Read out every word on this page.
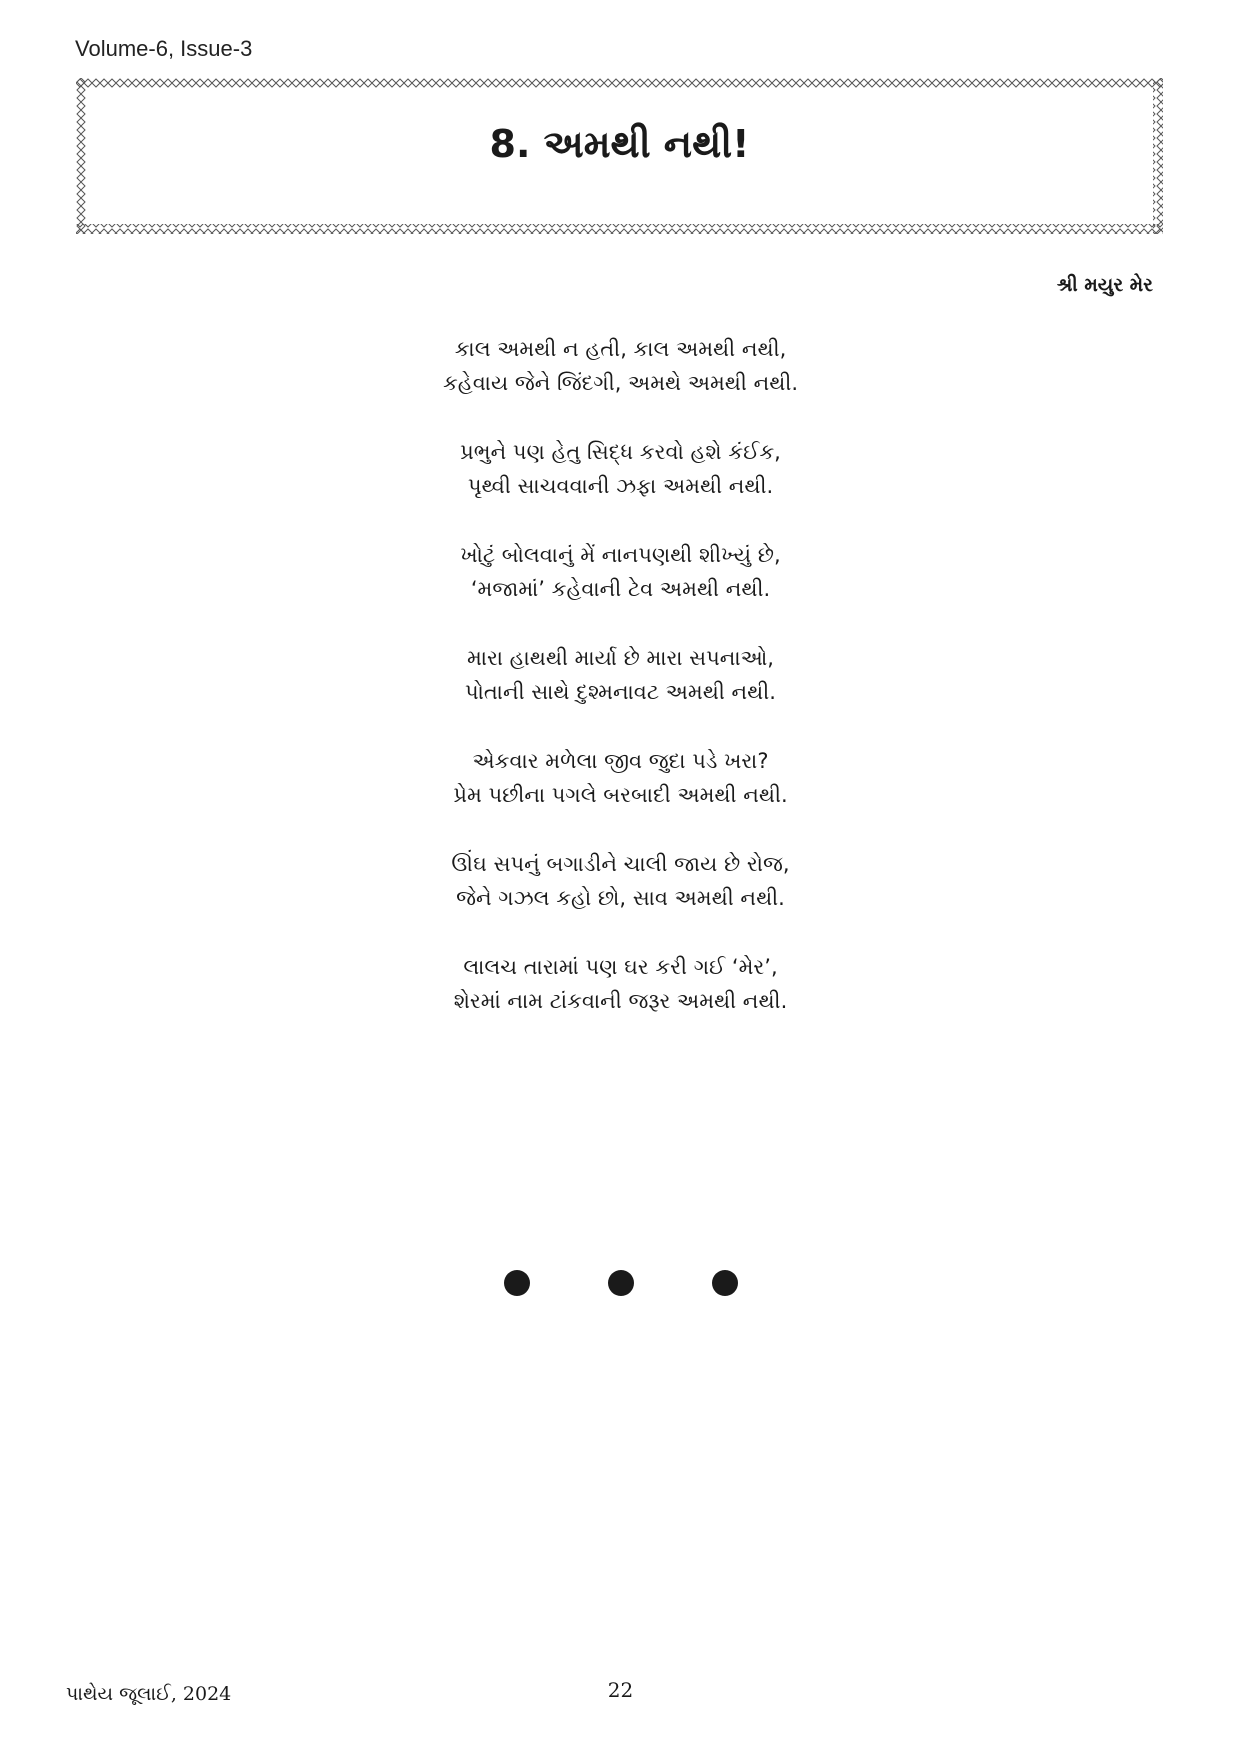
Volume-6, Issue-3
8. અમથી નથી!
શ્રી મયુર મેર
કાલ અમથી ન હતી, કાલ અમથી નથી,
કહેવાય જેને જિંદગી, અમથે અમથી નથી.
પ્રભુને પણ હેતુ સિદ્ધ કરવો હશે કંઈક,
પૃથ્વી સાચવવાની ઝફા અમથી નથી.
ખોટું બોલવાનું મેં નાનપણથી શીખ્યું છે,
‘મજામાં’ કહેવાની ટેવ અમથી નથી.
મારા હાથથી માર્યા છે મારા સપનાઓ,
પોતાની સાથે દુશ્મનાવટ અમથી નથી.
એકવાર મળેલા જીવ જુદા પડે ખરા?
પ્રેમ પછીના પગલે બરબાદી અમથી નથી.
ઊંઘ સપનું બગાડીને ચાલી જાય છે રોજ,
જેને ગઝલ કહો છો, સાવ અમથી નથી.
લાલચ તારામાં પણ ઘર કરી ગઈ ‘મેર’,
શેરમાં નામ ટાંકવાની જરૂર અમથી નથી.
પાથેય જૂલાઈ, 2024	22
